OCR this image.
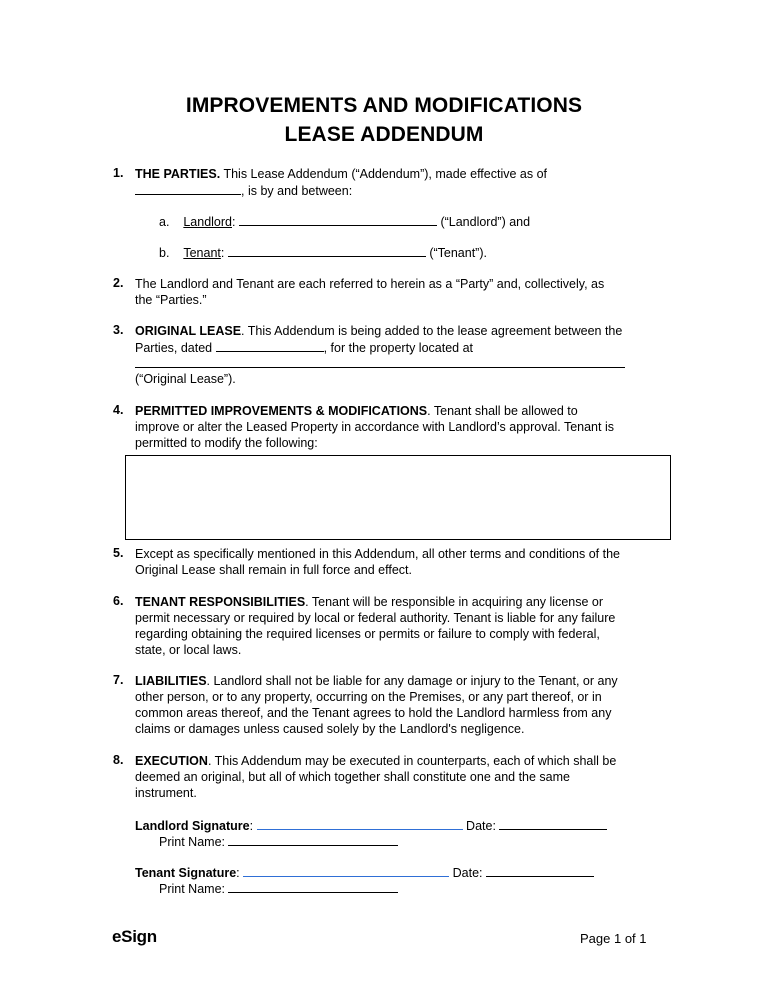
IMPROVEMENTS AND MODIFICATIONS
LEASE ADDENDUM
1. THE PARTIES. This Lease Addendum (“Addendum”), made effective as of
, is by and between:
a. Landlord:	(“Landlord”) and
b. Tenant:	(“Tenant”).
2. The Landlord and Tenant are each referred to herein as a “Party” and, collectively, as
the “Parties.”
3. ORIGINAL LEASE. This Addendum is being added to the lease agreement between the
Parties, dated	, for the property located at
(“Original Lease”).
4. PERMITTED IMPROVEMENTS & MODIFICATIONS. Tenant shall be allowed to
improve or alter the Leased Property in accordance with Landlord’s approval. Tenant is
permitted to modify the following:
5. Except as specifically mentioned in this Addendum, all other terms and conditions of the
Original Lease shall remain in full force and effect.
6. TENANT RESPONSIBILITIES. Tenant will be responsible in acquiring any license or
permit necessary or required by local or federal authority. Tenant is liable for any failure
regarding obtaining the required licenses or permits or failure to comply with federal,
state, or local laws.
7. LIABILITIES. Landlord shall not be liable for any damage or injury to the Tenant, or any
other person, or to any property, occurring on the Premises, or any part thereof, or in
common areas thereof, and the Tenant agrees to hold the Landlord harmless from any
claims or damages unless caused solely by the Landlord's negligence.
8. EXECUTION. This Addendum may be executed in counterparts, each of which shall be
deemed an original, but all of which together shall constitute one and the same
instrument.
Landlord Signature:	Date:
Print Name:
Tenant Signature:	Date:
Print Name:
eSign	Page 1 of 1
